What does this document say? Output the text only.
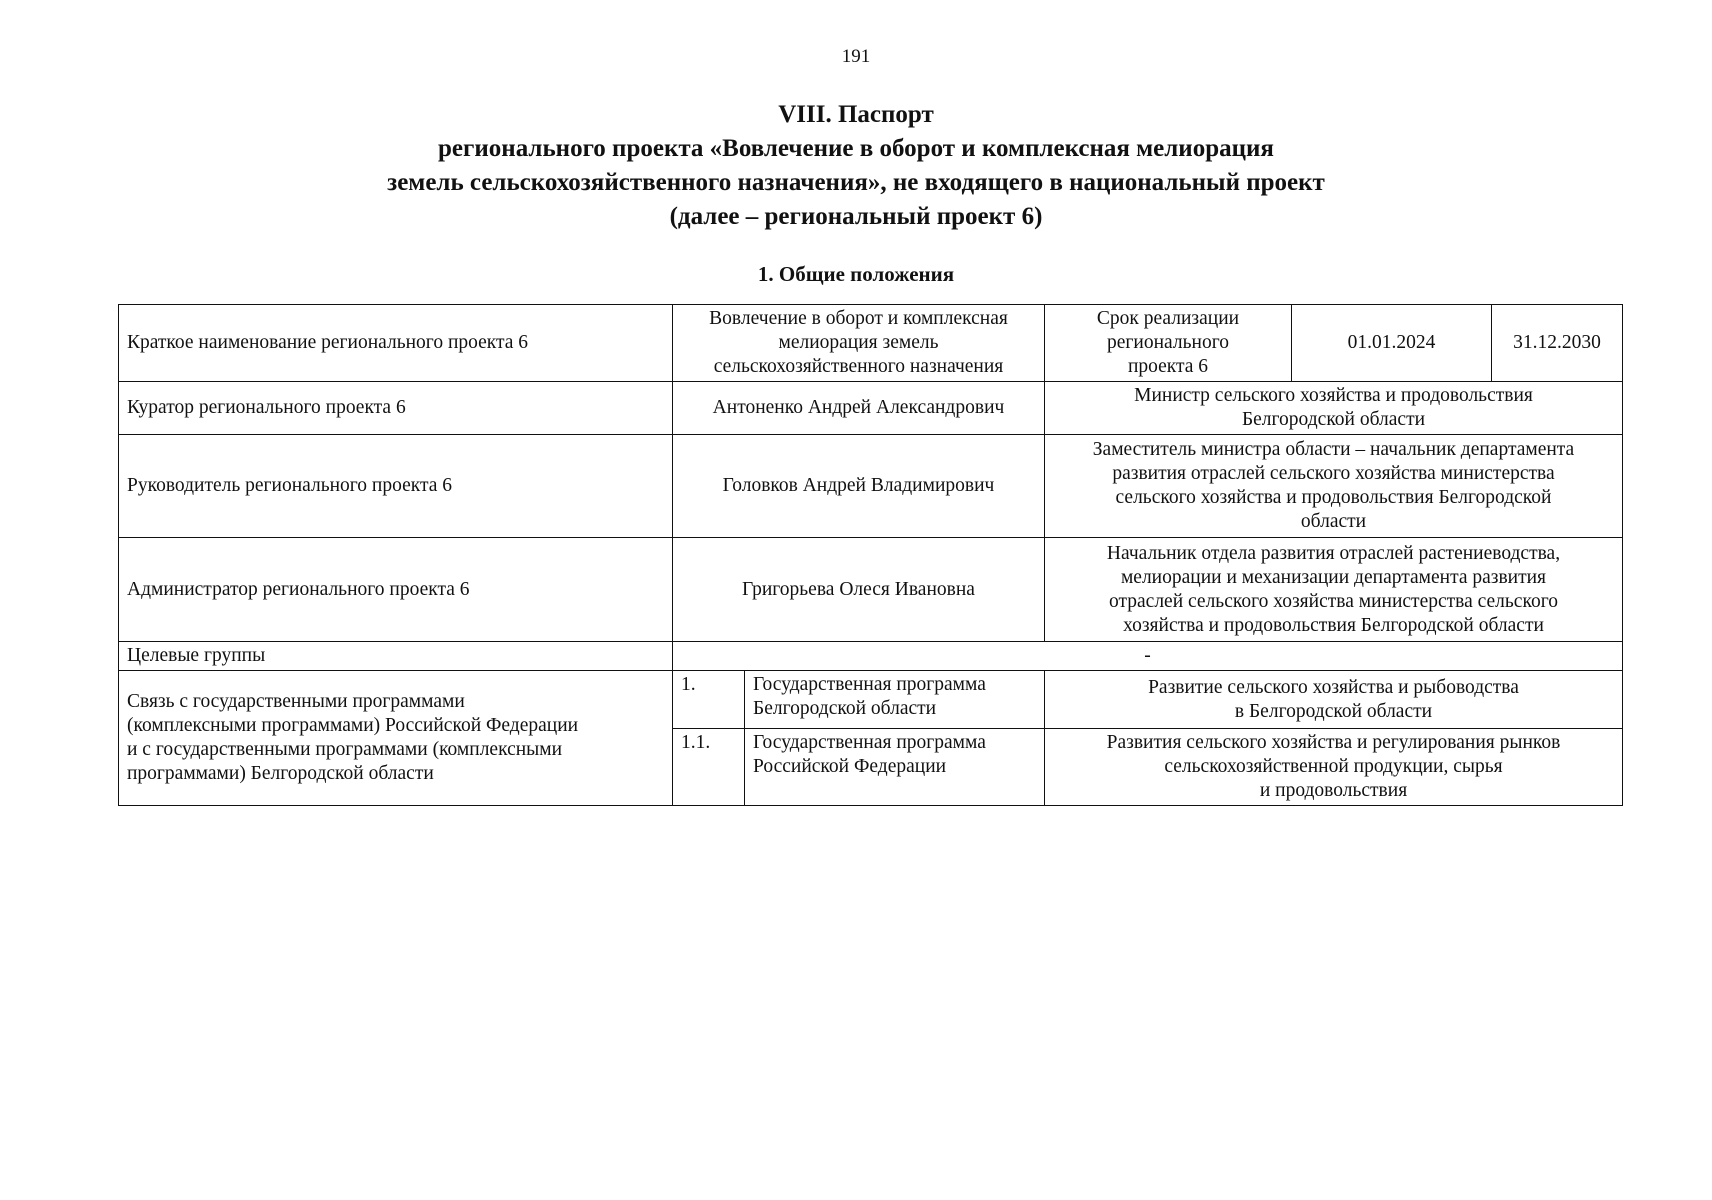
191
VIII. Паспорт
регионального проекта «Вовлечение в оборот и комплексная мелиорация
земель сельскохозяйственного назначения», не входящего в национальный проект
(далее – региональный проект 6)
1. Общие положения
Краткое наименование регионального проекта 6	Вовлечение в оборот и комплексная
мелиорация земель
сельскохозяйственного назначения		Срок реализации
регионального
проекта 6	01.01.2024	31.12.2030
Куратор регионального проекта 6	Антоненко Андрей Александрович		Министр сельского хозяйства и продовольствия
Белгородской области		
Руководитель регионального проекта 6	Головков Андрей Владимирович		Заместитель министра области – начальник департамента
развития отраслей сельского хозяйства министерства
сельского хозяйства и продовольствия Белгородской
области		
Администратор регионального проекта 6	Григорьева Олеся Ивановна		Начальник отдела развития отраслей растениеводства,
мелиорации и механизации департамента развития
отраслей сельского хозяйства министерства сельского
хозяйства и продовольствия Белгородской области		
Целевые группы	-				
Связь с государственными программами
(комплексными программами) Российской Федерации
и с государственными программами (комплексными
программами) Белгородской области	1.	Государственная программа
Белгородской области	Развитие сельского хозяйства и рыбоводства
в Белгородской области		
	1.1.	Государственная программа
Российской Федерации	Развития сельского хозяйства и регулирования рынков
сельскохозяйственной продукции, сырья
и продовольствия		
